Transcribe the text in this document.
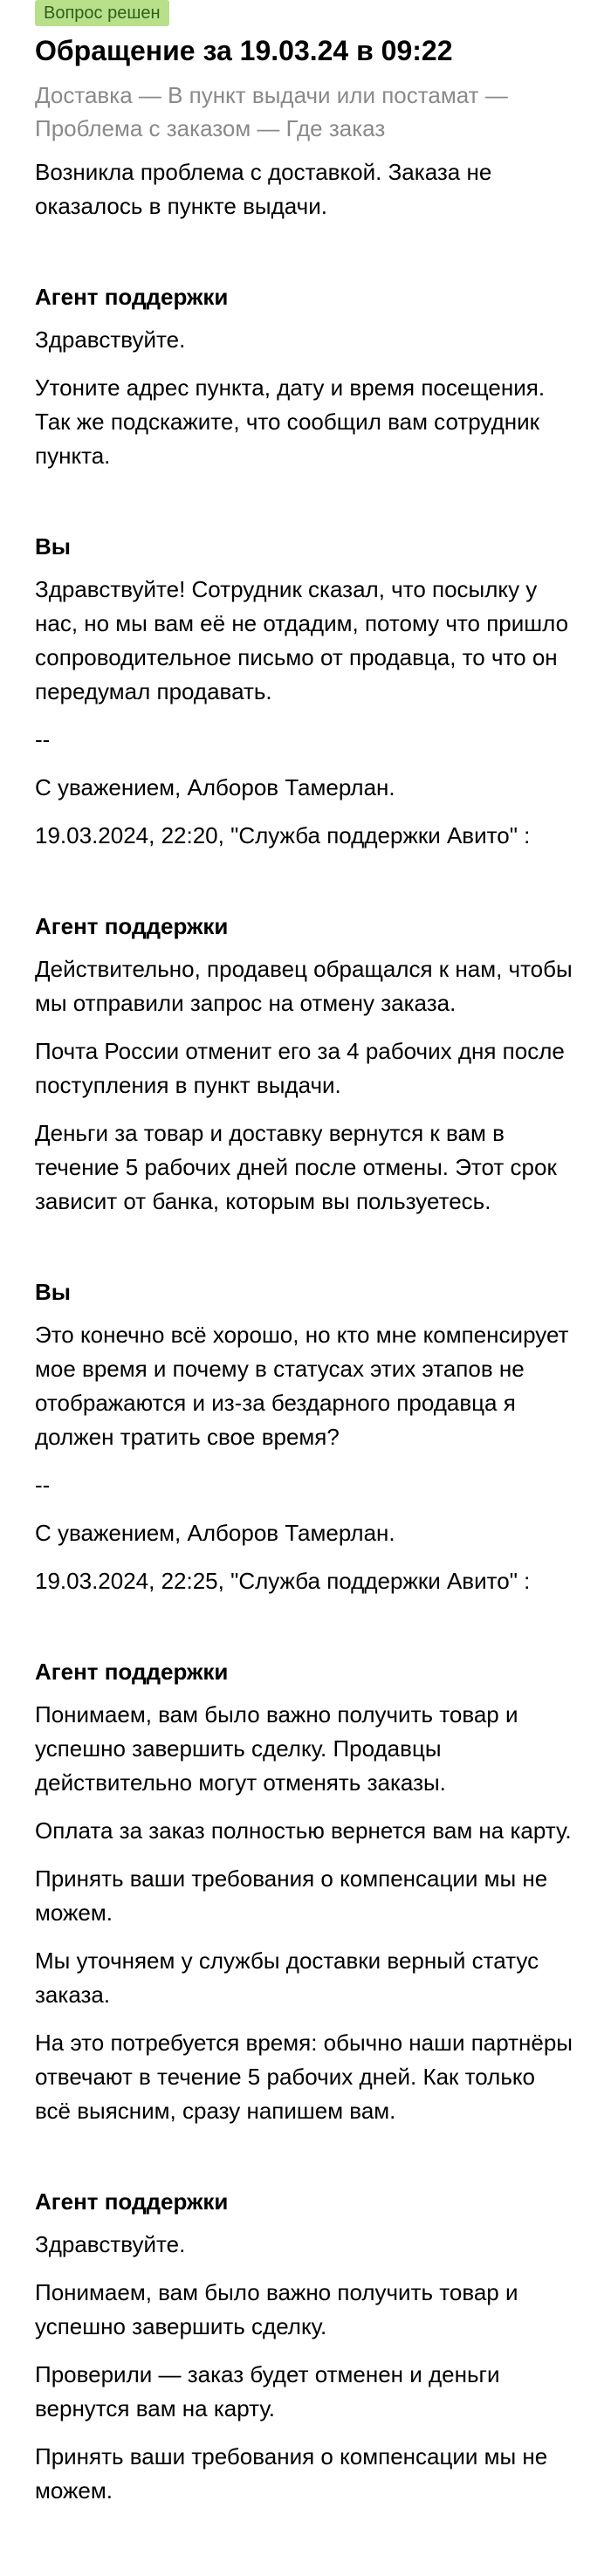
Вопрос решен
Обращение за 19.03.24 в 09:22
Доставка — В пункт выдачи или постамат — Проблема с заказом — Где заказ

Возникла проблема с доставкой. Заказа не оказалось в пункте выдачи.

Агент поддержки

Здравствуйте.

Утоните адрес пункта, дату и время посещения. Так же подскажите, что сообщил вам сотрудник пункта.

Вы

Здравствуйте! Сотрудник сказал, что посылку у нас, но мы вам её не отдадим, потому что пришло сопроводительное письмо от продавца, то что он передумал продавать.

--

С уважением, Алборов Тамерлан.

19.03.2024, 22:20, "Служба поддержки Авито" :

Агент поддержки

Действительно, продавец обращался к нам, чтобы мы отправили запрос на отмену заказа.

Почта России отменит его за 4 рабочих дня после поступления в пункт выдачи.

Деньги за товар и доставку вернутся к вам в течение 5 рабочих дней после отмены. Этот срок зависит от банка, которым вы пользуетесь.

Вы

Это конечно всё хорошо, но кто мне компенсирует мое время и почему в статусах этих этапов не отображаются и из-за бездарного продавца я должен тратить свое время?

--

С уважением, Алборов Тамерлан.

19.03.2024, 22:25, "Служба поддержки Авито" :

Агент поддержки

Понимаем, вам было важно получить товар и успешно завершить сделку. Продавцы действительно могут отменять заказы.

Оплата за заказ полностью вернется вам на карту.

Принять ваши требования о компенсации мы не можем.

Мы уточняем у службы доставки верный статус заказа.

На это потребуется время: обычно наши партнёры отвечают в течение 5 рабочих дней. Как только всё выясним, сразу напишем вам.

Агент поддержки

Здравствуйте.

Понимаем, вам было важно получить товар и успешно завершить сделку.

Проверили — заказ будет отменен и деньги вернутся вам на карту.

Принять ваши требования о компенсации мы не можем.
